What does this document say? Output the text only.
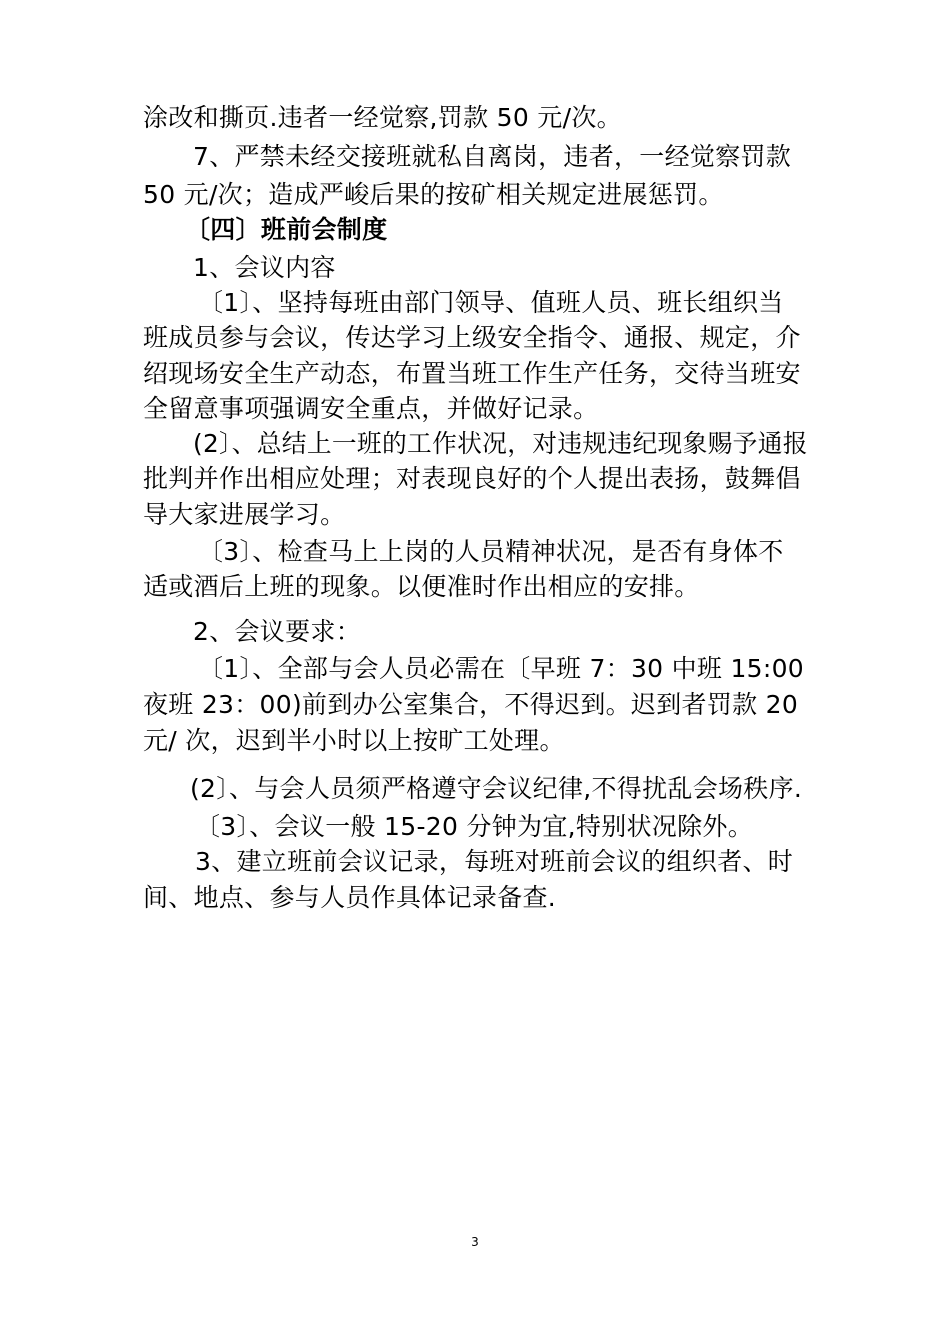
涂改和撕页.违者一经觉察,罚款 50 元/次。
7、严禁未经交接班就私自离岗，违者，一经觉察罚款
50 元/次；造成严峻后果的按矿相关规定进展惩罚。
〔四〕班前会制度
1、会议内容
〔1〕、坚持每班由部门领导、值班人员、班长组织当
班成员参与会议，传达学习上级安全指令、通报、规定，介
绍现场安全生产动态，布置当班工作生产任务，交待当班安
全留意事项强调安全重点，并做好记录。
(2〕、总结上一班的工作状况，对违规违纪现象赐予通报
批判并作出相应处理；对表现良好的个人提出表扬，鼓舞倡
导大家进展学习。
〔3〕、检查马上上岗的人员精神状况，是否有身体不
适或酒后上班的现象。以便准时作出相应的安排。
2、会议要求：
〔1〕、全部与会人员必需在〔早班 7：30 中班 15:00
夜班 23：00)前到办公室集合，不得迟到。迟到者罚款 20
元/ 次，迟到半小时以上按旷工处理。
(2〕、与会人员须严格遵守会议纪律,不得扰乱会场秩序.
〔3〕、会议一般 15-20 分钟为宜,特别状况除外。
3、建立班前会议记录，每班对班前会议的组织者、时
间、地点、参与人员作具体记录备查.
3
